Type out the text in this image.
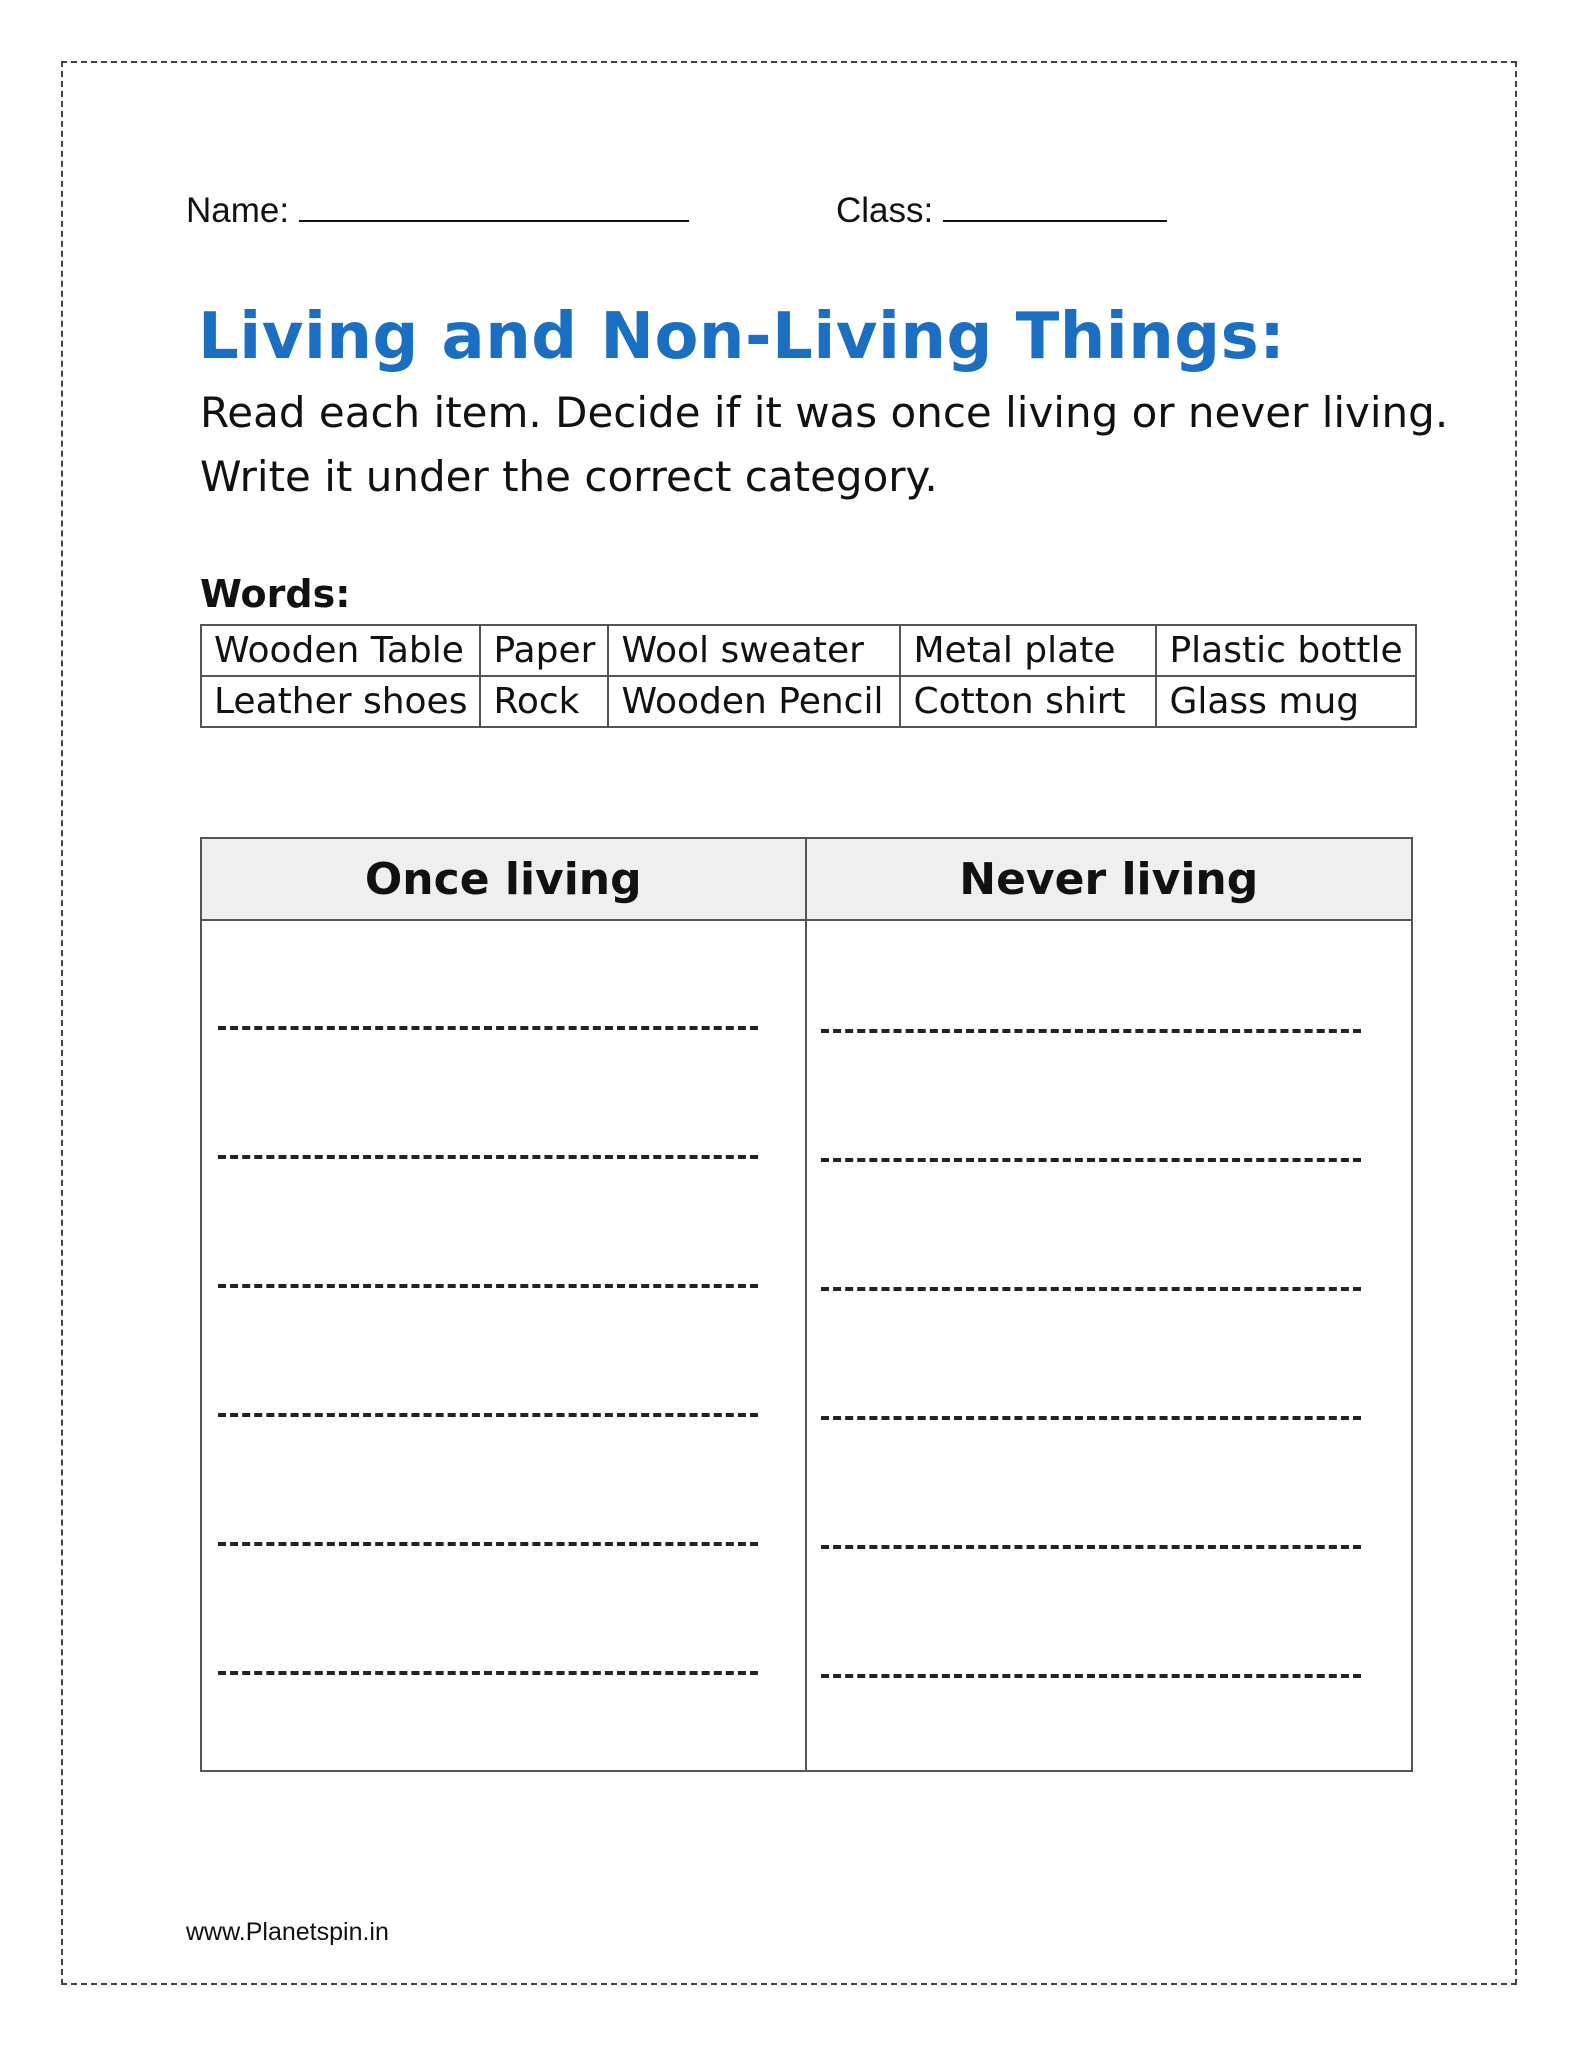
Name:	Class:
Living and Non-Living Things:
Read each item. Decide if it was once living or never living.
Write it under the correct category.
Words:
Wooden Table	Paper	Wool sweater	Metal plate	Plastic bottle
Leather shoes	Rock	Wooden Pencil	Cotton shirt	Glass mug
Once living	Never living
www.Planetspin.in
